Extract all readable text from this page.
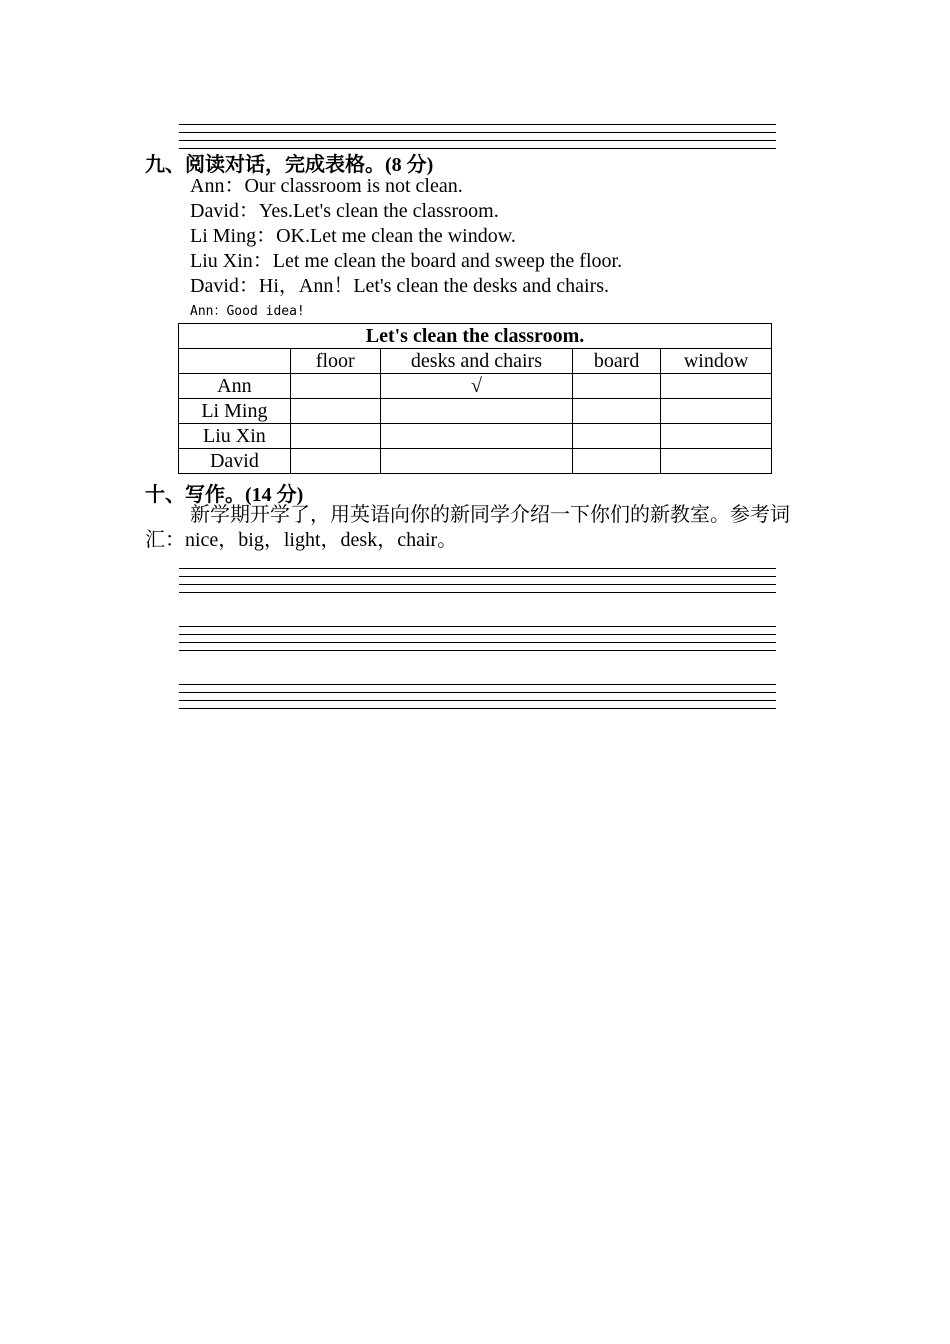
九、阅读对话，完成表格。(8 分)
Ann：Our classroom is not clean.
David：Yes.Let's clean the classroom.
Li Ming：OK.Let me clean the window.
Liu Xin：Let me clean the board and sweep the floor.
David：Hi，Ann！Let's clean the desks and chairs.
Ann：Good idea!
Let's clean the classroom.				
	floor	desks and chairs	board	window
Ann		√		
Li Ming				
Liu Xin				
David				
十、写作。(14 分)
新学期开学了，用英语向你的新同学介绍一下你们的新教室。参考词汇：nice，big，light，desk，chair。
